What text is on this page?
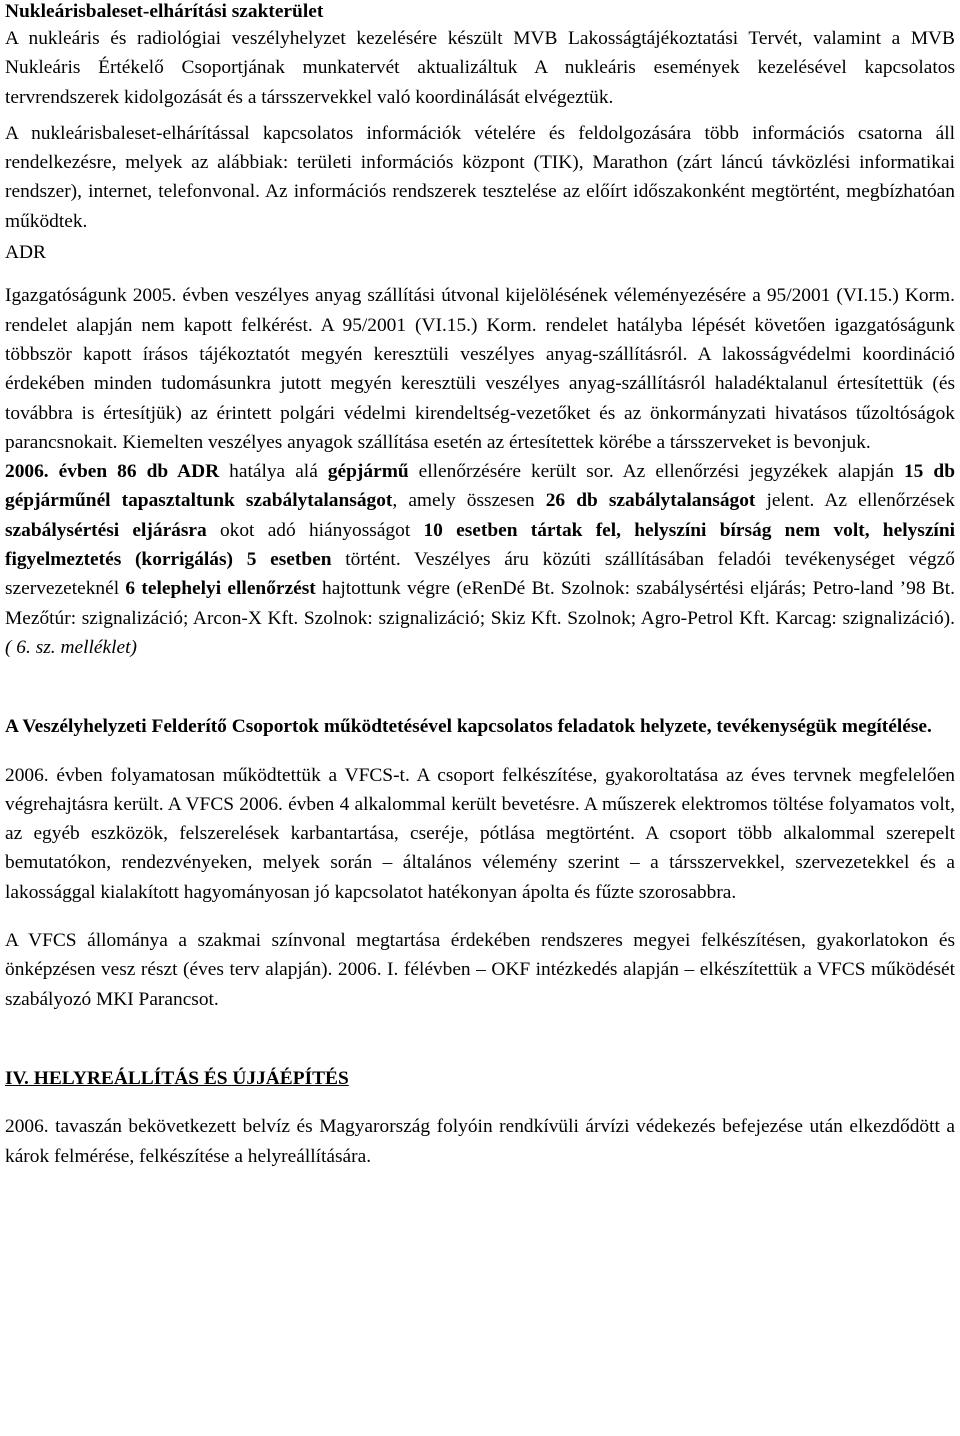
Nukleárisbaleset-elhárítási szakterület

A nukleáris és radiológiai veszélyhelyzet kezelésére készült MVB Lakosságtájékoztatási Tervét, valamint a MVB Nukleáris Értékelő Csoportjának munkatervét aktualizáltuk A nukleáris események kezelésével kapcsolatos tervrendszerek kidolgozását és a társszervekkel való koordinálását elvégeztük.

A nukleárisbaleset-elhárítással kapcsolatos információk vételére és feldolgozására több információs csatorna áll rendelkezésre, melyek az alábbiak: területi információs központ (TIK), Marathon (zárt láncú távközlési informatikai rendszer), internet, telefonvonal. Az információs rendszerek tesztelése az előírt időszakonként megtörtént, megbízhatóan működtek.

ADR

Igazgatóságunk 2005. évben veszélyes anyag szállítási útvonal kijelölésének véleményezésére a 95/2001 (VI.15.) Korm. rendelet alapján nem kapott felkérést. A 95/2001 (VI.15.) Korm. rendelet hatályba lépését követően igazgatóságunk többször kapott írásos tájékoztatót megyén keresztüli veszélyes anyag-szállításról. A lakosságvédelmi koordináció érdekében minden tudomásunkra jutott megyén keresztüli veszélyes anyag-szállításról haladéktalanul értesítettük (és továbbra is értesítjük) az érintett polgári védelmi kirendeltség-vezetőket és az önkormányzati hivatásos tűzoltóságok parancsnokait. Kiemelten veszélyes anyagok szállítása esetén az értesítettek körébe a társszerveket is bevonjuk.

2006. évben 86 db ADR hatálya alá gépjármű ellenőrzésére került sor. Az ellenőrzési jegyzékek alapján 15 db gépjárműnél tapasztaltunk szabálytalanságot, amely összesen 26 db szabálytalanságot jelent. Az ellenőrzések szabálysértési eljárásra okot adó hiányosságot 10 esetben tártak fel, helyszíni bírság nem volt, helyszíni figyelmeztetés (korrigálás) 5 esetben történt. Veszélyes áru közúti szállításában feladói tevékenységet végző szervezeteknél 6 telephelyi ellenőrzést hajtottunk végre (eRenDé Bt. Szolnok: szabálysértési eljárás; Petro-land ’98 Bt. Mezőtúr: szignalizáció; Arcon-X Kft. Szolnok: szignalizáció; Skiz Kft. Szolnok; Agro-Petrol Kft. Karcag: szignalizáció). ( 6. sz. melléklet)

A Veszélyhelyzeti Felderítő Csoportok működtetésével kapcsolatos feladatok helyzete, tevékenységük megítélése.

2006. évben folyamatosan működtettük a VFCS-t. A csoport felkészítése, gyakoroltatása az éves tervnek megfelelően végrehajtásra került. A VFCS 2006. évben 4 alkalommal került bevetésre. A műszerek elektromos töltése folyamatos volt, az egyéb eszközök, felszerelések karbantartása, cseréje, pótlása megtörtént. A csoport több alkalommal szerepelt bemutatókon, rendezvényeken, melyek során – általános vélemény szerint – a társszervekkel, szervezetekkel és a lakossággal kialakított hagyományosan jó kapcsolatot hatékonyan ápolta és fűzte szorosabbra.

A VFCS állománya a szakmai színvonal megtartása érdekében rendszeres megyei felkészítésen, gyakorlatokon és önképzésen vesz részt (éves terv alapján). 2006. I. félévben – OKF intézkedés alapján – elkészítettük a VFCS működését szabályozó MKI Parancsot.

IV. HELYREÁLLÍTÁS ÉS ÚJJÁÉPÍTÉS

2006. tavaszán bekövetkezett belvíz és Magyarország folyóin rendkívüli árvízi védekezés befejezése után elkezdődött a károk felmérése, felkészítése a helyreállítására.
